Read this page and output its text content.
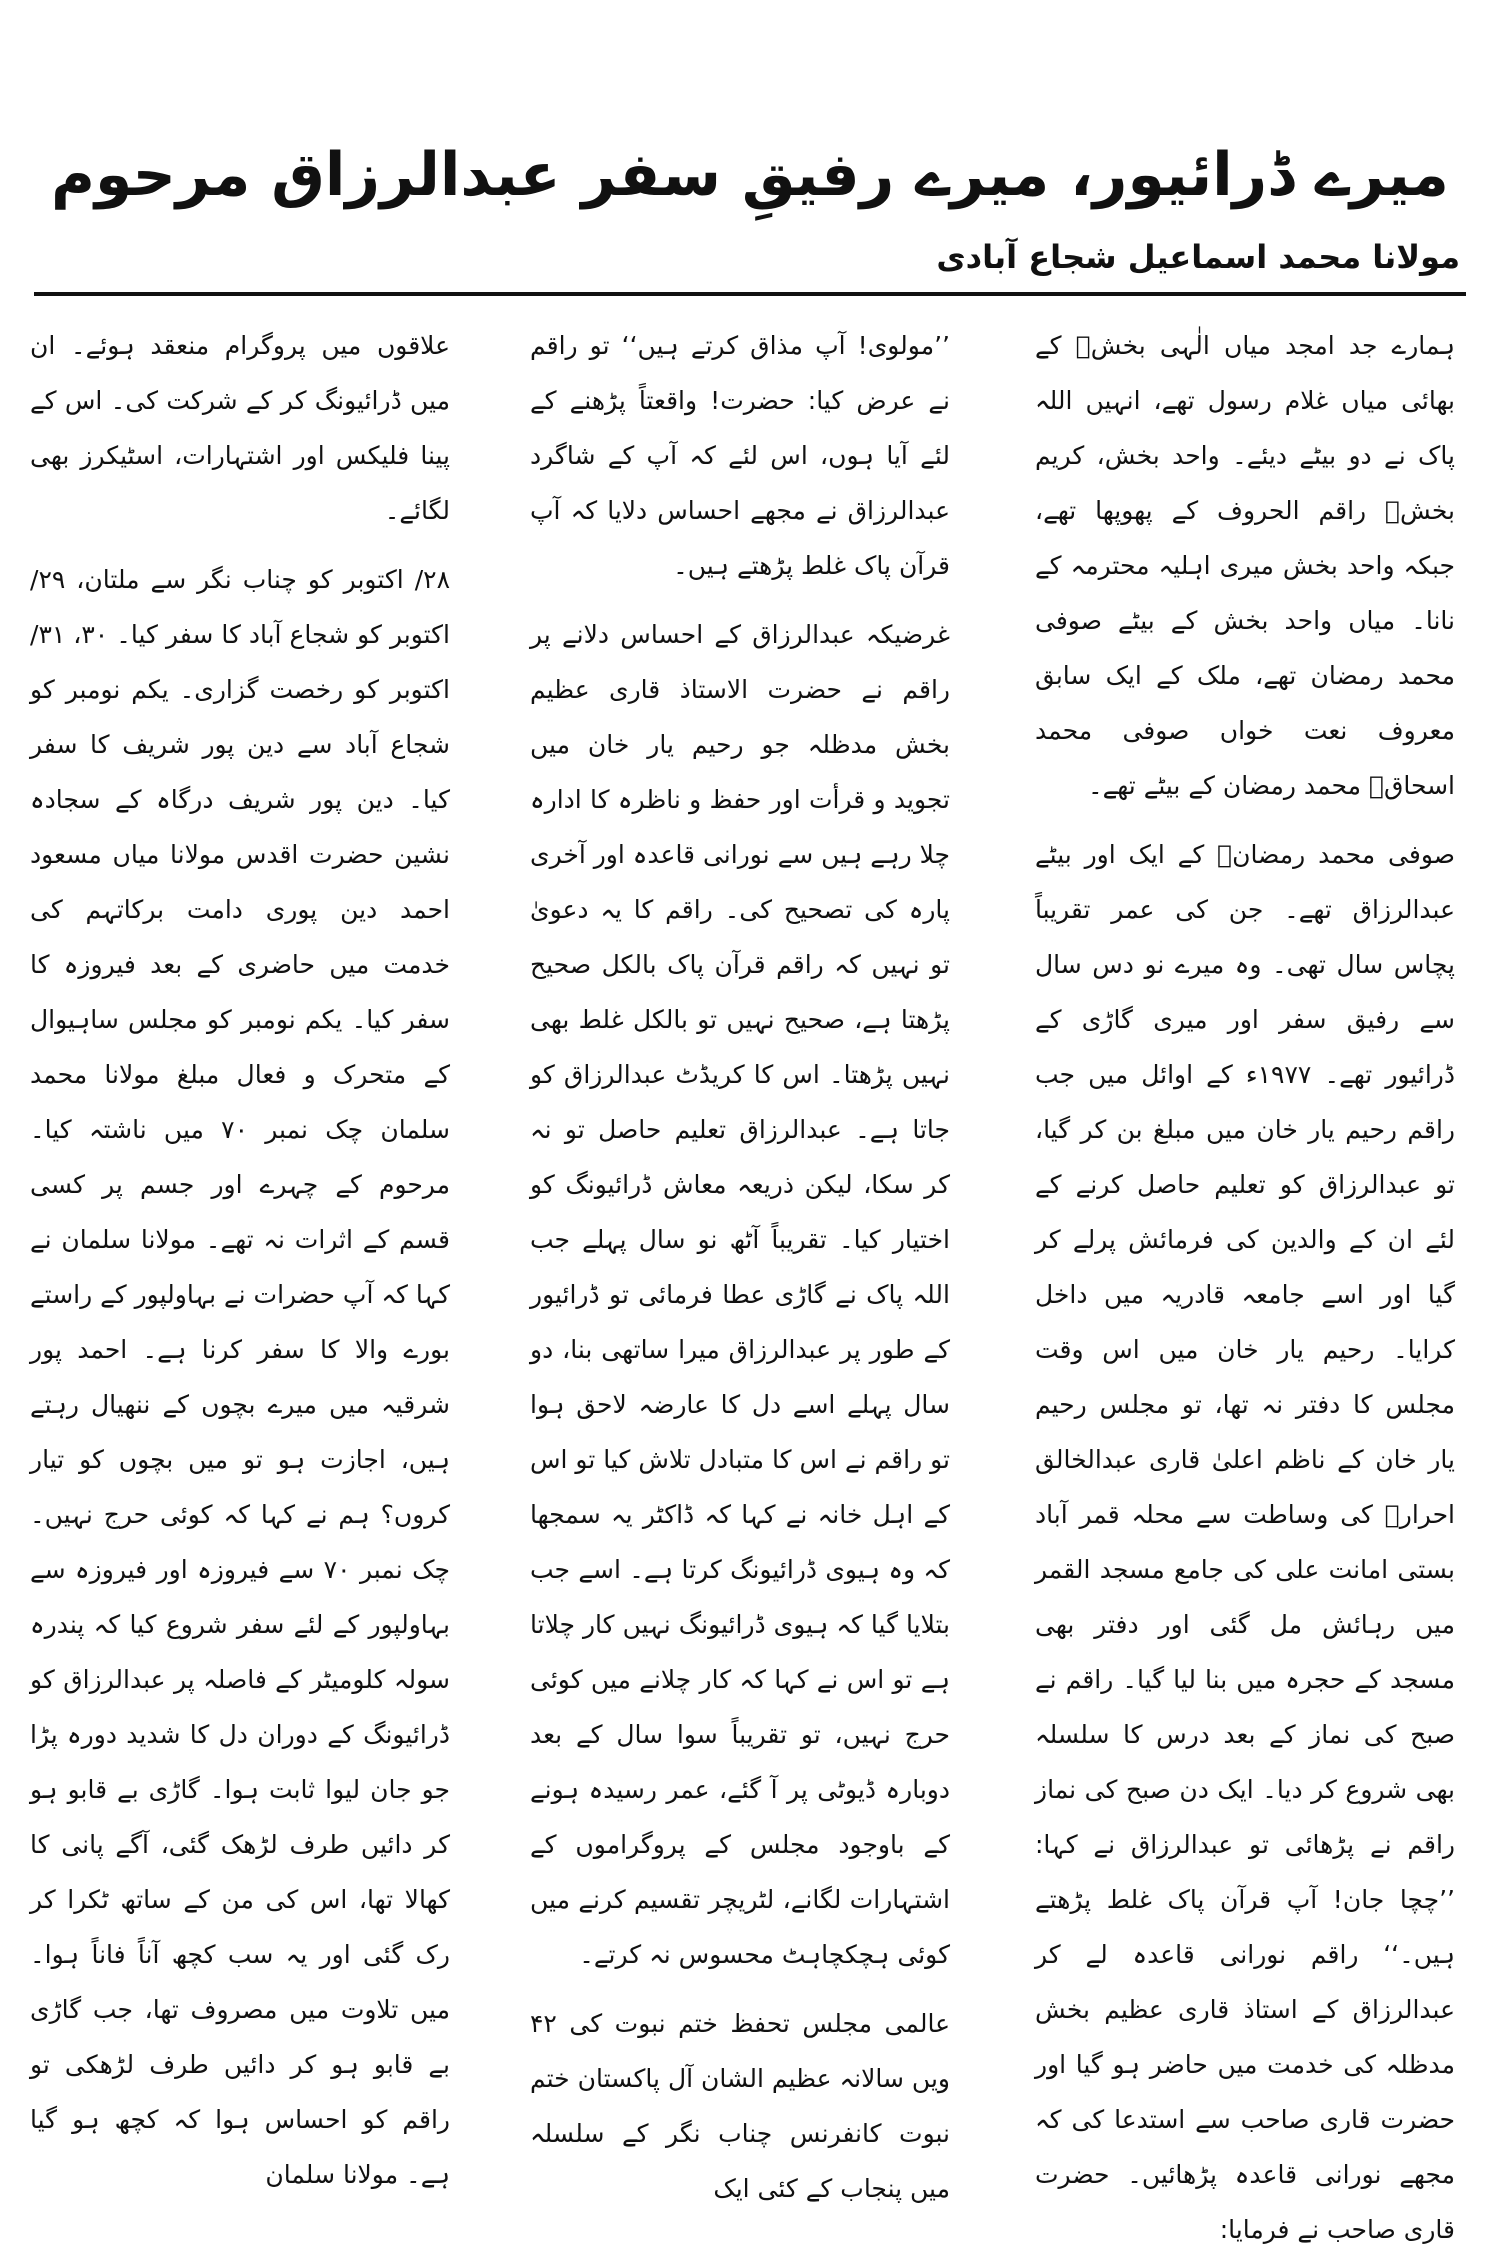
میرے ڈرائیور، میرے رفیقِ سفر عبدالرزاق مرحوم
مولانا محمد اسماعیل شجاع آبادی

ہمارے جد امجد میاں الٰہی بخشؒ کے بھائی میاں غلام رسول تھے، انہیں اللہ پاک نے دو بیٹے دیئے۔ واحد بخش، کریم بخشؒ راقم الحروف کے پھوپھا تھے، جبکہ واحد بخش میری اہلیہ محترمہ کے نانا۔ میاں واحد بخش کے بیٹے صوفی محمد رمضان تھے، ملک کے ایک سابق معروف نعت خواں صوفی محمد اسحاقؒ محمد رمضان کے بیٹے تھے۔

صوفی محمد رمضانؒ کے ایک اور بیٹے عبدالرزاق تھے۔ جن کی عمر تقریباً پچاس سال تھی۔ وہ میرے نو دس سال سے رفیق سفر اور میری گاڑی کے ڈرائیور تھے۔ ۱۹۷۷ء کے اوائل میں جب راقم رحیم یار خان میں مبلغ بن کر گیا، تو عبدالرزاق کو تعلیم حاصل کرنے کے لئے ان کے والدین کی فرمائش پرلے کر گیا اور اسے جامعہ قادریہ میں داخل کرایا۔ رحیم یار خان میں اس وقت مجلس کا دفتر نہ تھا، تو مجلس رحیم یار خان کے ناظم اعلیٰ قاری عبدالخالق احرارؒ کی وساطت سے محلہ قمر آباد بستی امانت علی کی جامع مسجد القمر میں رہائش مل گئی اور دفتر بھی مسجد کے حجرہ میں بنا لیا گیا۔ راقم نے صبح کی نماز کے بعد درس کا سلسلہ بھی شروع کر دیا۔ ایک دن صبح کی نماز راقم نے پڑھائی تو عبدالرزاق نے کہا: ’’چچا جان! آپ قرآن پاک غلط پڑھتے ہیں۔‘‘ راقم نورانی قاعدہ لے کر عبدالرزاق کے استاذ قاری عظیم بخش مدظلہ کی خدمت میں حاضر ہو گیا اور حضرت قاری صاحب سے استدعا کی کہ مجھے نورانی قاعدہ پڑھائیں۔ حضرت قاری صاحب نے فرمایا:

’’مولوی! آپ مذاق کرتے ہیں‘‘ تو راقم نے عرض کیا: حضرت! واقعتاً پڑھنے کے لئے آیا ہوں، اس لئے کہ آپ کے شاگرد عبدالرزاق نے مجھے احساس دلایا کہ آپ قرآن پاک غلط پڑھتے ہیں۔

غرضیکہ عبدالرزاق کے احساس دلانے پر راقم نے حضرت الاستاذ قاری عظیم بخش مدظلہ جو رحیم یار خان میں تجوید و قرأت اور حفظ و ناظرہ کا ادارہ چلا رہے ہیں سے نورانی قاعدہ اور آخری پارہ کی تصحیح کی۔ راقم کا یہ دعویٰ تو نہیں کہ راقم قرآن پاک بالکل صحیح پڑھتا ہے، صحیح نہیں تو بالکل غلط بھی نہیں پڑھتا۔ اس کا کریڈٹ عبدالرزاق کو جاتا ہے۔ عبدالرزاق تعلیم حاصل تو نہ کر سکا، لیکن ذریعہ معاش ڈرائیونگ کو اختیار کیا۔ تقریباً آٹھ نو سال پہلے جب اللہ پاک نے گاڑی عطا فرمائی تو ڈرائیور کے طور پر عبدالرزاق میرا ساتھی بنا، دو سال پہلے اسے دل کا عارضہ لاحق ہوا تو راقم نے اس کا متبادل تلاش کیا تو اس کے اہل خانہ نے کہا کہ ڈاکٹر یہ سمجھا کہ وہ ہیوی ڈرائیونگ کرتا ہے۔ اسے جب بتلایا گیا کہ ہیوی ڈرائیونگ نہیں کار چلاتا ہے تو اس نے کہا کہ کار چلانے میں کوئی حرج نہیں، تو تقریباً سوا سال کے بعد دوبارہ ڈیوٹی پر آ گئے، عمر رسیدہ ہونے کے باوجود مجلس کے پروگراموں کے اشتہارات لگانے، لٹریچر تقسیم کرنے میں کوئی ہچکچاہٹ محسوس نہ کرتے۔

عالمی مجلس تحفظ ختم نبوت کی ۴۲ ویں سالانہ عظیم الشان آل پاکستان ختم نبوت کانفرنس چناب نگر کے سلسلہ میں پنجاب کے کئی ایک

علاقوں میں پروگرام منعقد ہوئے۔ ان میں ڈرائیونگ کر کے شرکت کی۔ اس کے پینا فلیکس اور اشتہارات، اسٹیکرز بھی لگائے۔

۲۸/ اکتوبر کو چناب نگر سے ملتان، ۲۹/ اکتوبر کو شجاع آباد کا سفر کیا۔ ۳۰، ۳۱/ اکتوبر کو رخصت گزاری۔ یکم نومبر کو شجاع آباد سے دین پور شریف کا سفر کیا۔ دین پور شریف درگاہ کے سجادہ نشین حضرت اقدس مولانا میاں مسعود احمد دین پوری دامت برکاتہم کی خدمت میں حاضری کے بعد فیروزہ کا سفر کیا۔ یکم نومبر کو مجلس ساہیوال کے متحرک و فعال مبلغ مولانا محمد سلمان چک نمبر ۷۰ میں ناشتہ کیا۔ مرحوم کے چہرے اور جسم پر کسی قسم کے اثرات نہ تھے۔ مولانا سلمان نے کہا کہ آپ حضرات نے بہاولپور کے راستے بورے والا کا سفر کرنا ہے۔ احمد پور شرقیہ میں میرے بچوں کے ننھیال رہتے ہیں، اجازت ہو تو میں بچوں کو تیار کروں؟ ہم نے کہا کہ کوئی حرج نہیں۔ چک نمبر ۷۰ سے فیروزہ اور فیروزہ سے بہاولپور کے لئے سفر شروع کیا کہ پندرہ سولہ کلومیٹر کے فاصلہ پر عبدالرزاق کو ڈرائیونگ کے دوران دل کا شدید دورہ پڑا جو جان لیوا ثابت ہوا۔ گاڑی بے قابو ہو کر دائیں طرف لڑھک گئی، آگے پانی کا کھالا تھا، اس کی من کے ساتھ ٹکرا کر رک گئی اور یہ سب کچھ آناً فاناً ہوا۔ میں تلاوت میں مصروف تھا، جب گاڑی بے قابو ہو کر دائیں طرف لڑھکی تو راقم کو احساس ہوا کہ کچھ ہو گیا ہے۔ مولانا سلمان
